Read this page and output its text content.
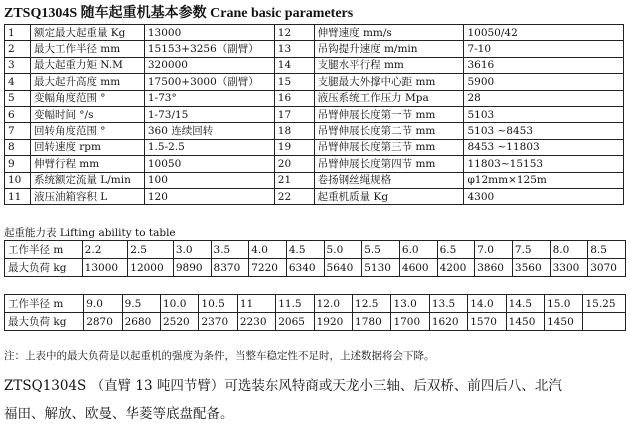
ZTSQ1304S 随车起重机基本参数 Crane basic parameters
1	额定最大起重量 Kg	13000	12	伸臂速度 mm/s	10050/42
2	最大工作半径 mm	15153+3256（副臂）	13	吊钩提升速度 m/min	7-10
3	最大起重力矩 N.M	320000	14	支腿水平行程 mm	3616
4	最大起升高度 mm	17500+3000（副臂）	15	支腿最大外撑中心距 mm	5900
5	变幅角度范围 °	1-73°	16	液压系统工作压力 Mpa	28
6	变幅时间 °/s	1-73/15	17	吊臂伸展长度第一节 mm	5103
7	回转角度范围 °	360 连续回转	18	吊臂伸展长度第二节 mm	5103 ~8453
8	回转速度 rpm	1.5-2.5	19	吊臂伸展长度第三节 mm	8453 ~11803
9	伸臂行程 mm	10050	20	吊臂伸展长度第四节 mm	11803~15153
10	系统额定流量 L/min	100	21	卷扬钢丝绳规格	φ12mm×125m
11	液压油箱容积 L	120	22	起重机质量 Kg	4300
起重能力表 Lifting ability to table
工作半径 m	2.2	2.5	3.0	3.5	4.0	4.5	5.0	5.5	6.0	6.5	7.0	7.5	8.0	8.5
最大负荷 kg	13000	12000	9890	8370	7220	6340	5640	5130	4600	4200	3860	3560	3300	3070
工作半径 m	9.0	9.5	10.0	10.5	11	11.5	12.0	12.5	13.0	13.5	14.0	14.5	15.0	15.25
最大负荷 kg	2870	2680	2520	2370	2230	2065	1920	1780	1700	1620	1570	1450	1450	
注：上表中的最大负荷是以起重机的强度为条件，当整车稳定性不足时，上述数据将会下降。
ZTSQ1304S （直臂 13 吨四节臂）可选装东风特商或天龙小三轴、后双桥、前四后八、北汽
福田、解放、欧曼、华菱等底盘配备。
